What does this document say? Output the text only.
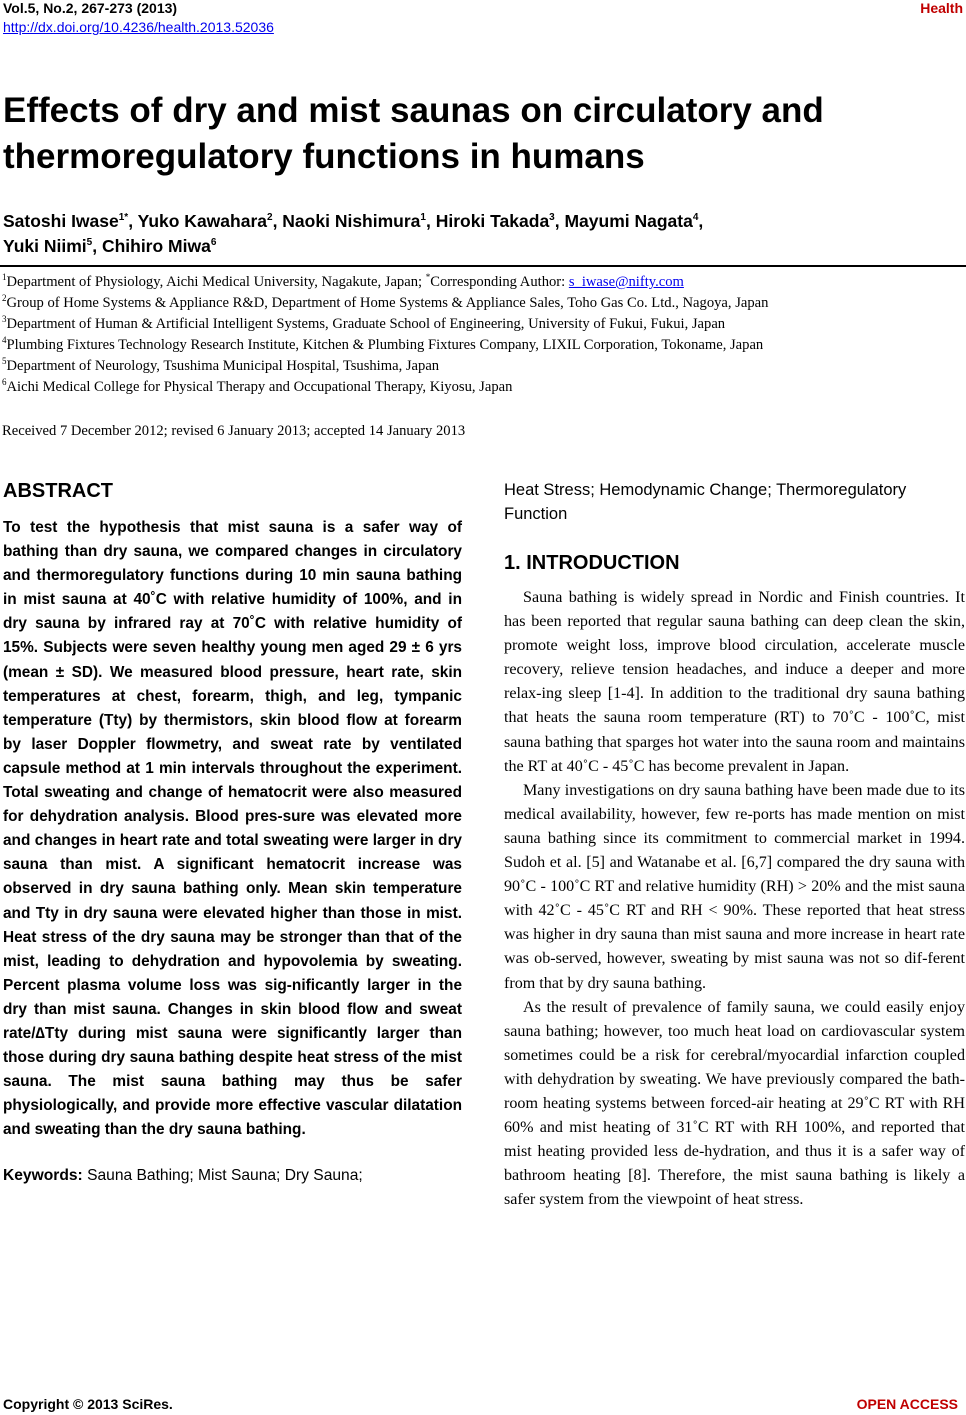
Vol.5, No.2, 267-273 (2013)
http://dx.doi.org/10.4236/health.2013.52036
Health
Effects of dry and mist saunas on circulatory and
thermoregulatory functions in humans
Satoshi Iwase$^{1*}$, Yuko Kawahara$^2$, Naoki Nishimura$^1$, Hiroki Takada$^3$, Mayumi Nagata$^4$,
Yuki Niimi$^5$, Chihiro Miwa$^6$
$^1$Department of Physiology, Aichi Medical University, Nagakute, Japan; *Corresponding Author: s_iwase@nifty.com
$^2$Group of Home Systems & Appliance R&D, Department of Home Systems & Appliance Sales, Toho Gas Co. Ltd., Nagoya, Japan
$^3$Department of Human & Artificial Intelligent Systems, Graduate School of Engineering, University of Fukui, Fukui, Japan
$^4$Plumbing Fixtures Technology Research Institute, Kitchen & Plumbing Fixtures Company, LIXIL Corporation, Tokoname, Japan
$^5$Department of Neurology, Tsushima Municipal Hospital, Tsushima, Japan
$^6$Aichi Medical College for Physical Therapy and Occupational Therapy, Kiyosu, Japan
Received 7 December 2012; revised 6 January 2013; accepted 14 January 2013
ABSTRACT

To test the hypothesis that mist sauna is a safer way of bathing than dry sauna, we compared changes in circulatory and thermoregulatory functions during 10 min sauna bathing in mist sauna at 40˚C with relative humidity of 100%, and in dry sauna by infrared ray at 70˚C with relative humidity of 15%. Subjects were seven healthy young men aged 29 ± 6 yrs (mean ± SD). We measured blood pressure, heart rate, skin temperatures at chest, forearm, thigh, and leg, tympanic temperature (Tty) by thermistors, skin blood flow at forearm by laser Doppler flowmetry, and sweat rate by ventilated capsule method at 1 min intervals throughout the experiment. Total sweating and change of hematocrit were also measured for dehydration analysis. Blood pres-sure was elevated more and changes in heart rate and total sweating were larger in dry sauna than mist. A significant hematocrit increase was observed in dry sauna bathing only. Mean skin temperature and Tty in dry sauna were elevated higher than those in mist. Heat stress of the dry sauna may be stronger than that of the mist, leading to dehydration and hypovolemia by sweating. Percent plasma volume loss was sig-nificantly larger in the dry than mist sauna. Changes in skin blood flow and sweat rate/∆Tty during mist sauna were significantly larger than those during dry sauna bathing despite heat stress of the mist sauna. The mist sauna bathing may thus be safer physiologically, and provide more effective vascular dilatation and sweating than the dry sauna bathing.

Keywords: Sauna Bathing; Mist Sauna; Dry Sauna;

Heat Stress; Hemodynamic Change; Thermoregulatory Function

1. INTRODUCTION

Sauna bathing is widely spread in Nordic and Finish countries. It has been reported that regular sauna bathing can deep clean the skin, promote weight loss, improve blood circulation, accelerate muscle recovery, relieve tension headaches, and induce a deeper and more relax-ing sleep [1-4]. In addition to the traditional dry sauna bathing that heats the sauna room temperature (RT) to 70˚C - 100˚C, mist sauna bathing that sparges hot water into the sauna room and maintains the RT at 40˚C - 45˚C has become prevalent in Japan.

Many investigations on dry sauna bathing have been made due to its medical availability, however, few re-ports has made mention on mist sauna bathing since its commitment to commercial market in 1994. Sudoh et al. [5] and Watanabe et al. [6,7] compared the dry sauna with 90˚C - 100˚C RT and relative humidity (RH) > 20% and the mist sauna with 42˚C - 45˚C RT and RH < 90%. These reported that heat stress was higher in dry sauna than mist sauna and more increase in heart rate was ob-served, however, sweating by mist sauna was not so dif-ferent from that by dry sauna bathing.

As the result of prevalence of family sauna, we could easily enjoy sauna bathing; however, too much heat load on cardiovascular system sometimes could be a risk for cerebral/myocardial infarction coupled with dehydration by sweating. We have previously compared the bath-room heating systems between forced-air heating at 29˚C RT with RH 60% and mist heating of 31˚C RT with RH 100%, and reported that mist heating provided less de-hydration, and thus it is a safer way of bathroom heating [8]. Therefore, the mist sauna bathing is likely a safer system from the viewpoint of heat stress.

Copyright © 2013 SciRes.	OPEN ACCESS
